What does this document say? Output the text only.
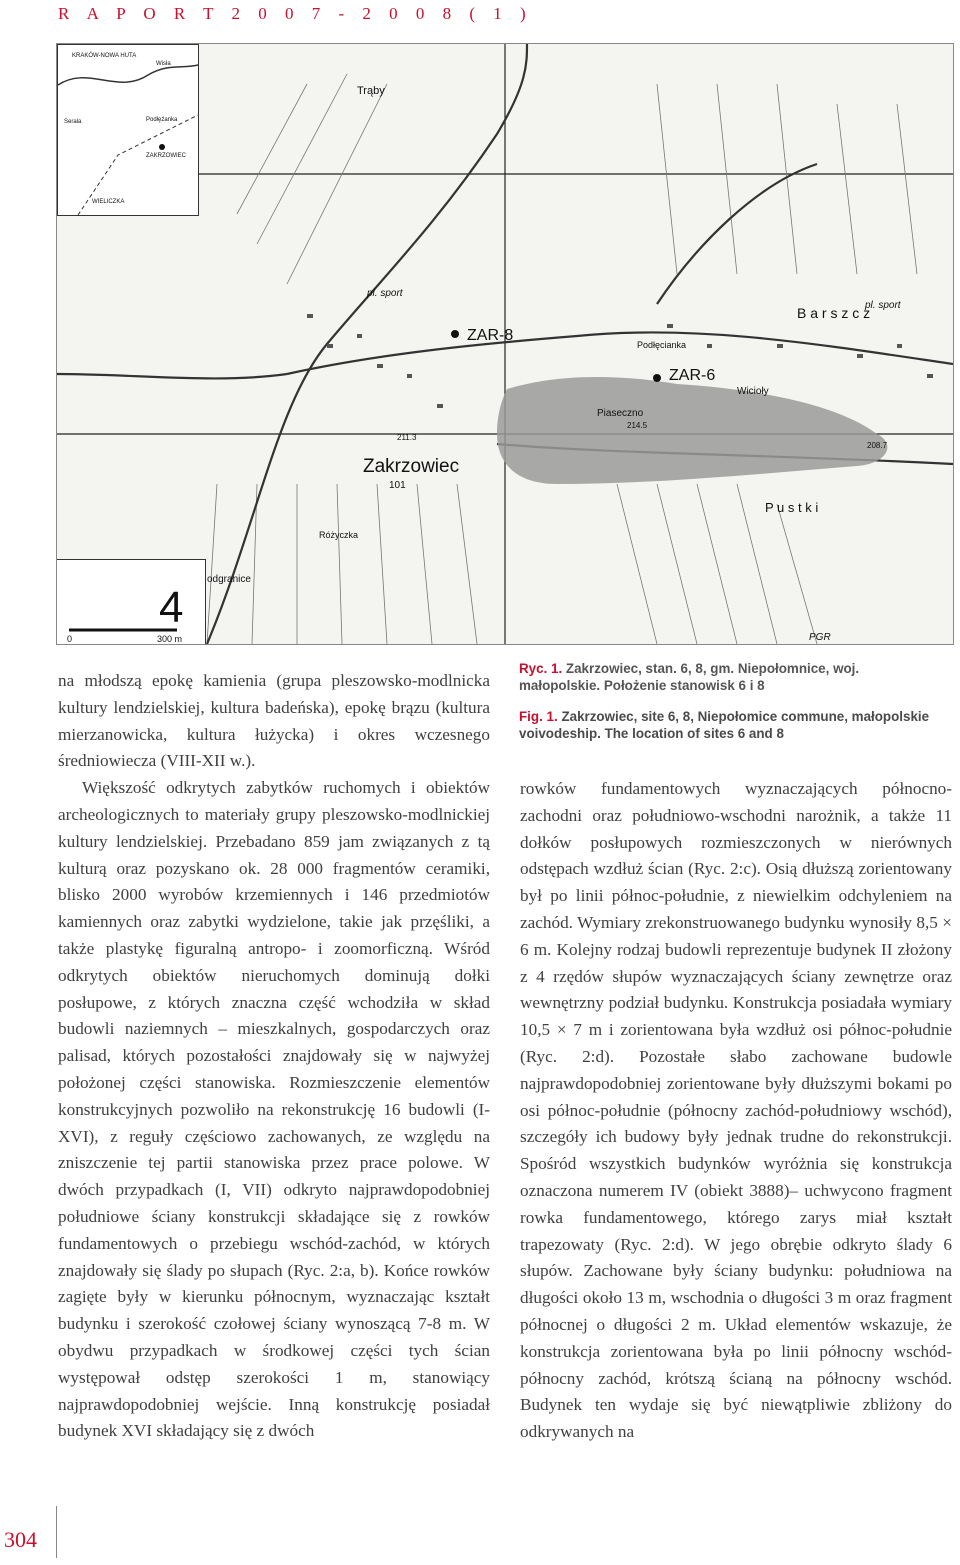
R A P O R T 2 0 0 7 - 2 0 0 8 ( 1 )
ZAR-8
ZAR-6
Zakrzowiec
101
Piaseczno
P u s t k i
B a r s z c z
Wicioły
Podłęcianka
Trąby
Różyczka
odgranice
pl. sport
pl. sport
PGR
211.3
214.5
208.7
KRAKÓW-NOWA HUTA
Wisła
Serala	Podłęźanka
ZAKRZOWIEC
WIELICZKA
4
0	300 m
Ryc. 1. Zakrzowiec, stan. 6, 8, gm. Niepołomnice, woj. małopolskie. Położenie stanowisk 6 i 8
Fig. 1. Zakrzowiec, site 6, 8, Niepołomice commune, małopolskie voivodeship. The location of sites 6 and 8

na młodszą epokę kamienia (grupa pleszowsko-modlnicka kultury lendzielskiej, kultura badeńska), epokę brązu (kultura mierzanowicka, kultura łużycka) i okres wczesnego średniowiecza (VIII-XII w.).

Większość odkrytych zabytków ruchomych i obiektów archeologicznych to materiały grupy pleszowsko-modlnickiej kultury lendzielskiej. Przebadano 859 jam związanych z tą kulturą oraz pozyskano ok. 28 000 fragmentów ceramiki, blisko 2000 wyrobów krzemiennych i 146 przedmiotów kamiennych oraz zabytki wydzielone, takie jak przęśliki, a także plastykę figuralną antropo- i zoomorficzną. Wśród odkrytych obiektów nieruchomych dominują dołki posłupowe, z których znaczna część wchodziła w skład budowli naziemnych – mieszkalnych, gospodarczych oraz palisad, których pozostałości znajdowały się w najwyżej położonej części stanowiska. Rozmieszczenie elementów konstrukcyjnych pozwoliło na rekonstrukcję 16 budowli (I-XVI), z reguły częściowo zachowanych, ze względu na zniszczenie tej partii stanowiska przez prace polowe. W dwóch przypadkach (I, VII) odkryto najprawdopodobniej południowe ściany konstrukcji składające się z rowków fundamentowych o przebiegu wschód-zachód, w których znajdowały się ślady po słupach (Ryc. 2:a, b). Końce rowków zagięte były w kierunku północnym, wyznaczając kształt budynku i szerokość czołowej ściany wynoszącą 7-8 m. W obydwu przypadkach w środkowej części tych ścian występował odstęp szerokości 1 m, stanowiący najprawdopodobniej wejście. Inną konstrukcję posiadał budynek XVI składający się z dwóch

rowków fundamentowych wyznaczających północno-zachodni oraz południowo-wschodni narożnik, a także 11 dołków posłupowych rozmieszczonych w nierównych odstępach wzdłuż ścian (Ryc. 2:c). Osią dłuższą zorientowany był po linii północ-południe, z niewielkim odchyleniem na zachód. Wymiary zrekonstruowanego budynku wynosiły 8,5 × 6 m. Kolejny rodzaj budowli reprezentuje budynek II złożony z 4 rzędów słupów wyznaczających ściany zewnętrze oraz wewnętrzny podział budynku. Konstrukcja posiadała wymiary 10,5 × 7 m i zorientowana była wzdłuż osi północ-południe (Ryc. 2:d). Pozostałe słabo zachowane budowle najprawdopodobniej zorientowane były dłuższymi bokami po osi północ-południe (północny zachód-południowy wschód), szczegóły ich budowy były jednak trudne do rekonstrukcji. Spośród wszystkich budynków wyróżnia się konstrukcja oznaczona numerem IV (obiekt 3888)– uchwycono fragment rowka fundamentowego, którego zarys miał kształt trapezowaty (Ryc. 2:d). W jego obrębie odkryto ślady 6 słupów. Zachowane były ściany budynku: południowa na długości około 13 m, wschodnia o długości 3 m oraz fragment północnej o długości 2 m. Układ elementów wskazuje, że konstrukcja zorientowana była po linii północny wschód-północny zachód, krótszą ścianą na północny wschód. Budynek ten wydaje się być niewątpliwie zbliżony do odkrywanych na

304
